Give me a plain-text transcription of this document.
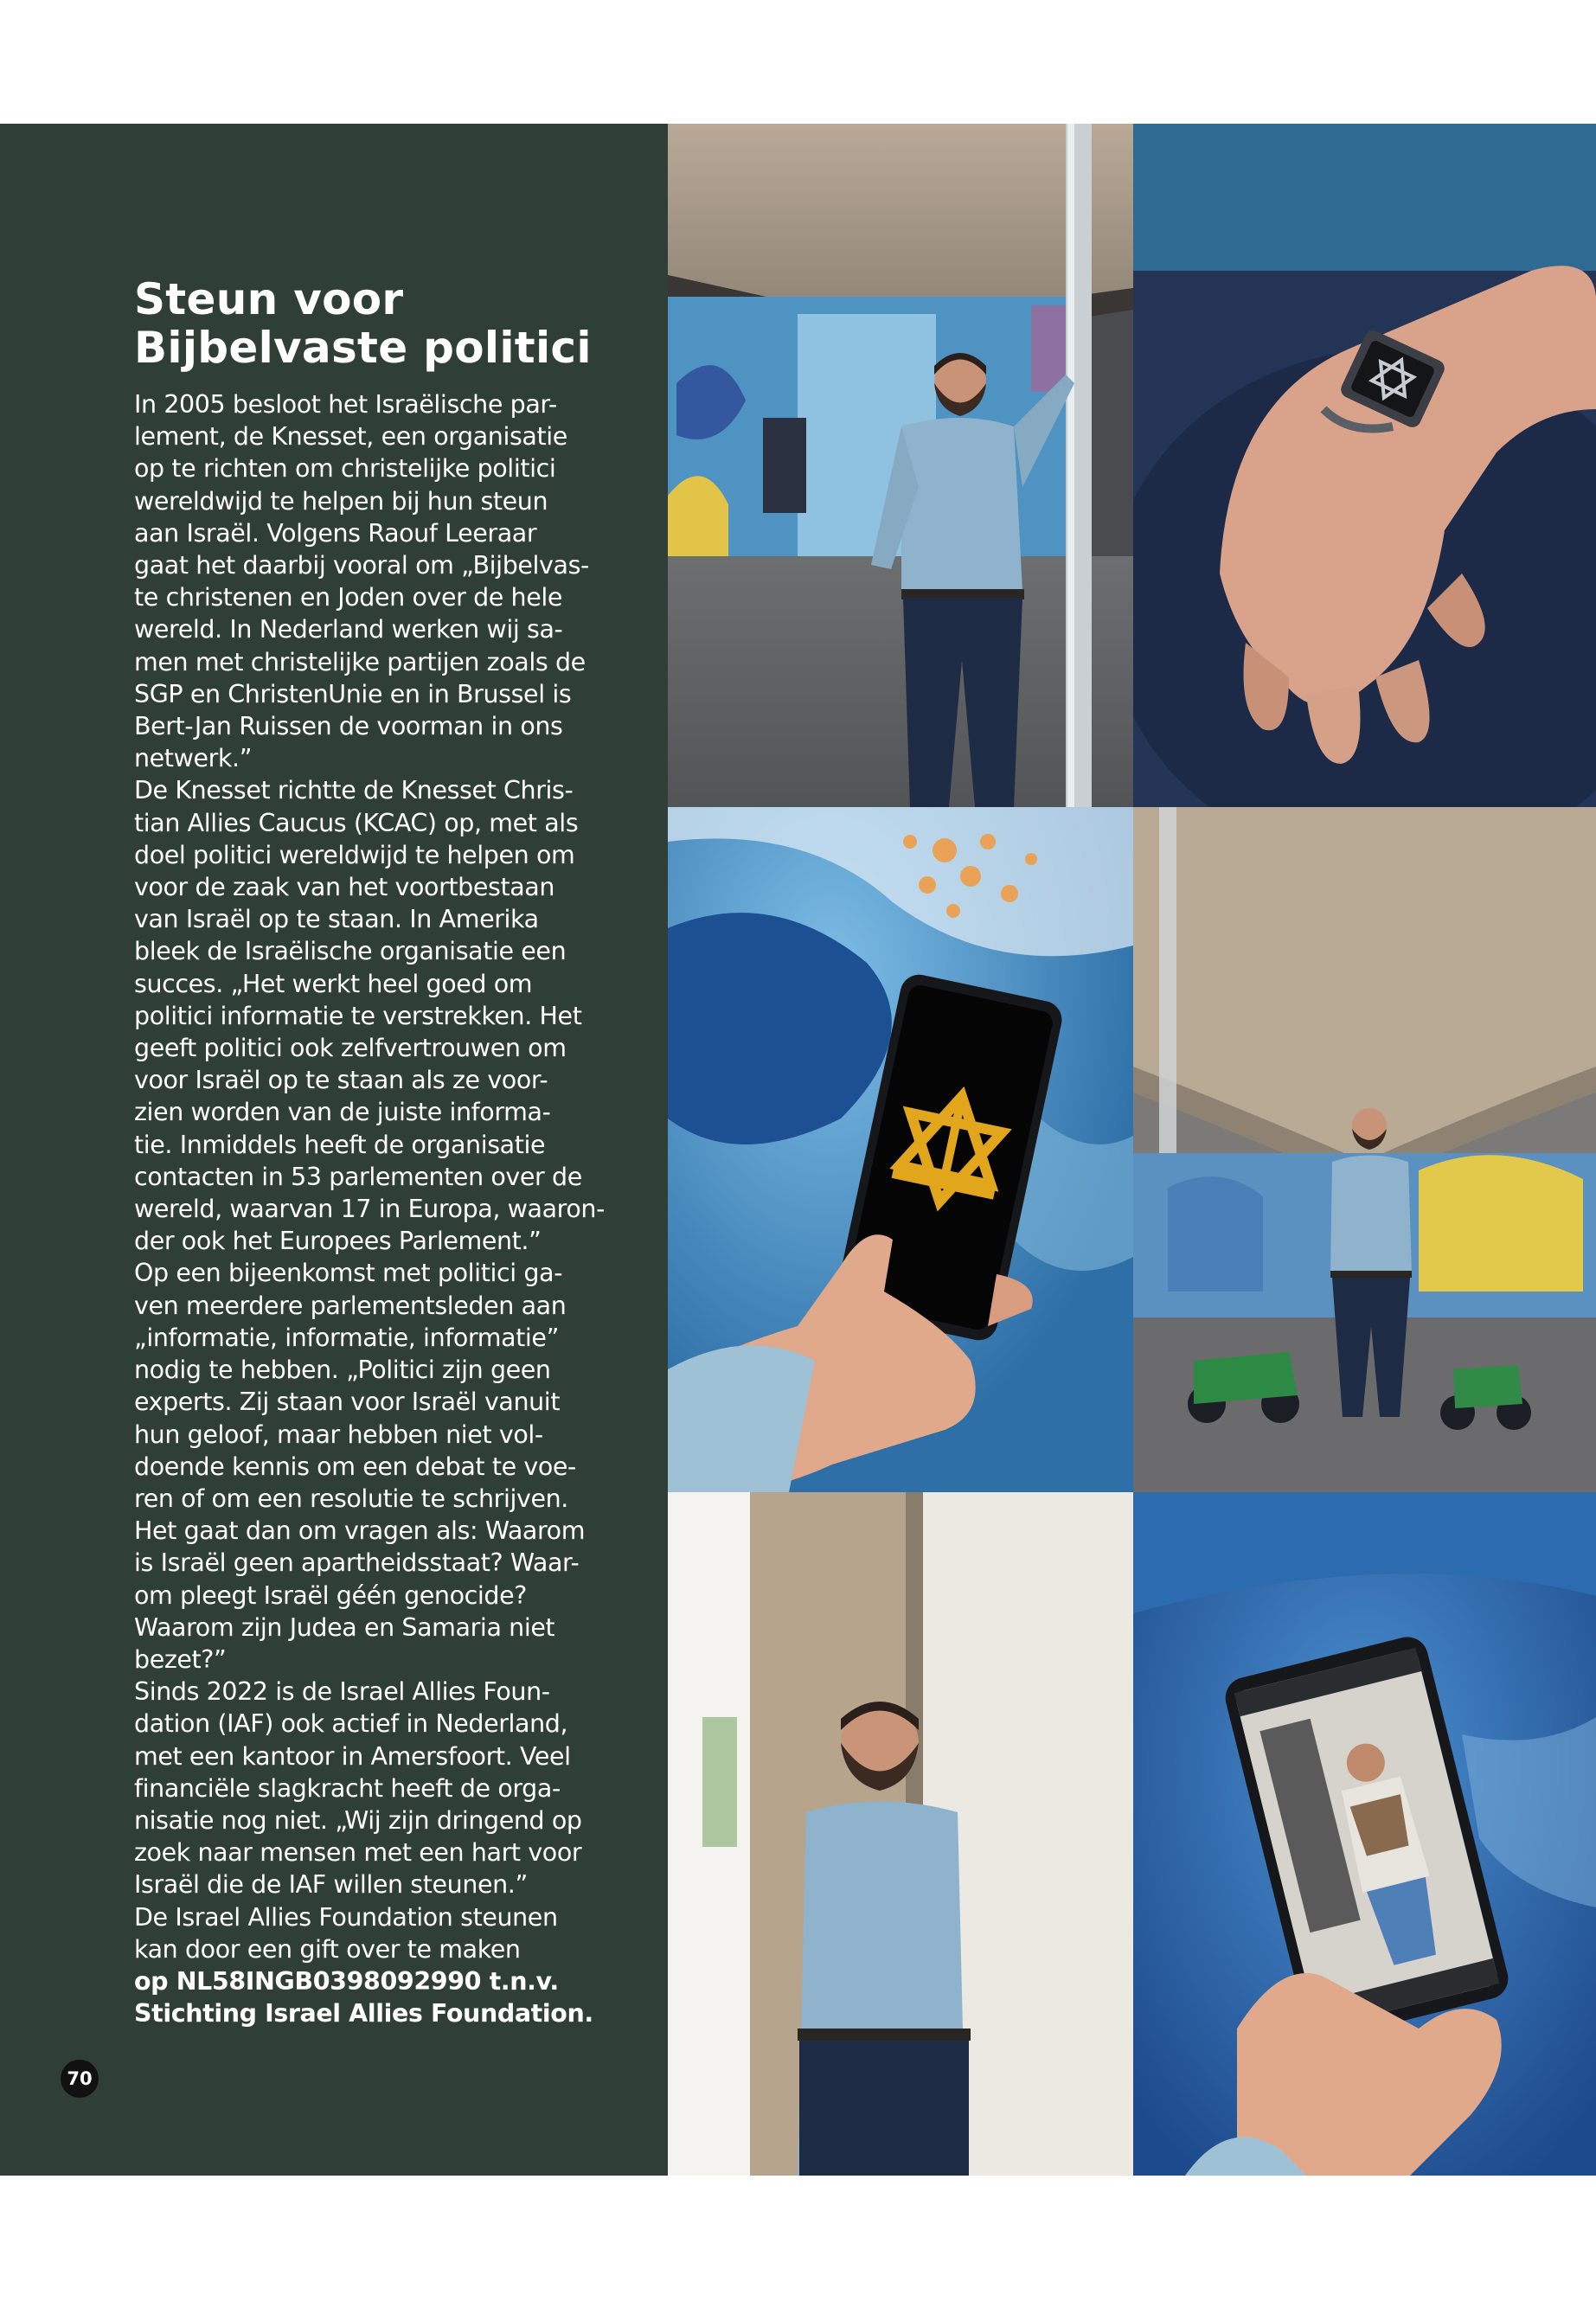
Steun voor
Bijbelvaste politici
In 2005 besloot het Israëlische par-
lement, de Knesset, een organisatie
op te richten om christelijke politici
wereldwijd te helpen bij hun steun
aan Israël. Volgens Raouf Leeraar
gaat het daarbij vooral om „Bijbelvas-
te christenen en Joden over de hele
wereld. In Nederland werken wij sa-
men met christelijke partijen zoals de
SGP en ChristenUnie en in Brussel is
Bert-Jan Ruissen de voorman in ons
netwerk.”
De Knesset richtte de Knesset Chris-
tian Allies Caucus (KCAC) op, met als
doel politici wereldwijd te helpen om
voor de zaak van het voortbestaan
van Israël op te staan. In Amerika
bleek de Israëlische organisatie een
succes. „Het werkt heel goed om
politici informatie te verstrekken. Het
geeft politici ook zelfvertrouwen om
voor Israël op te staan als ze voor-
zien worden van de juiste informa-
tie. Inmiddels heeft de organisatie
contacten in 53 parlementen over de
wereld, waarvan 17 in Europa, waaron-
der ook het Europees Parlement.”
Op een bijeenkomst met politici ga-
ven meerdere parlementsleden aan
„informatie, informatie, informatie”
nodig te hebben. „Politici zijn geen
experts. Zij staan voor Israël vanuit
hun geloof, maar hebben niet vol-
doende kennis om een debat te voe-
ren of om een resolutie te schrijven.
Het gaat dan om vragen als: Waarom
is Israël geen apartheidsstaat? Waar-
om pleegt Israël géén genocide?
Waarom zijn Judea en Samaria niet
bezet?”
Sinds 2022 is de Israel Allies Foun-
dation (IAF) ook actief in Nederland,
met een kantoor in Amersfoort. Veel
financiële slagkracht heeft de orga-
nisatie nog niet. „Wij zijn dringend op
zoek naar mensen met een hart voor
Israël die de IAF willen steunen.”
De Israel Allies Foundation steunen
kan door een gift over te maken
op NL58INGB0398092990 t.n.v.
Stichting Israel Allies Foundation.
70
